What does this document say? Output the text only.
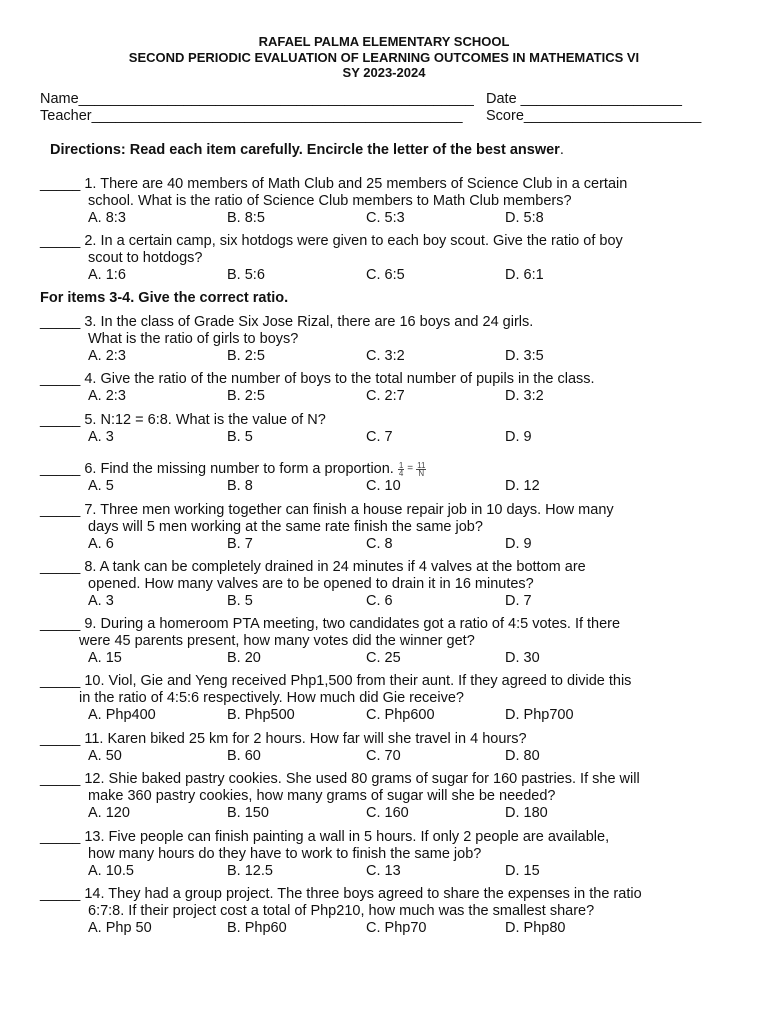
RAFAEL PALMA ELEMENTARY SCHOOL
SECOND PERIODIC EVALUATION OF LEARNING OUTCOMES IN MATHEMATICS VI
SY 2023-2024
Name_________________________________________________ Date ____________________
Teacher______________________________________________	Score______________________
Directions: Read each item carefully. Encircle the letter of the best answer.
For items 3-4. Give the correct ratio.
_____ 1. There are 40 members of Math Club and 25 members of Science Club in a certain
school. What is the ratio of Science Club members to Math Club members?
A. 8:3	B. 8:5	C. 5:3	D. 5:8
_____ 2. In a certain camp, six hotdogs were given to each boy scout. Give the ratio of boy
scout to hotdogs?
A. 1:6	B. 5:6	C. 6:5	D. 6:1
_____ 3. In the class of Grade Six Jose Rizal, there are 16 boys and 24 girls.
What is the ratio of girls to boys?
A. 2:3	B. 2:5	C. 3:2	D. 3:5
_____ 4. Give the ratio of the number of boys to the total number of pupils in the class.
A. 2:3	B. 2:5	C. 2:7	D. 3:2
_____ 5. N:12 = 6:8. What is the value of N?
A. 3	B. 5	C. 7	D. 9
_____ 6. Find the missing number to form a proportion. $\frac{1}{4} = \frac{11}{N}$
A. 5	B. 8	C. 10	D. 12
_____ 7. Three men working together can finish a house repair job in 10 days. How many
days will 5 men working at the same rate finish the same job?
A. 6	B. 7	C. 8	D. 9
_____ 8. A tank can be completely drained in 24 minutes if 4 valves at the bottom are
opened. How many valves are to be opened to drain it in 16 minutes?
A. 3	B. 5	C. 6	D. 7
_____ 9. During a homeroom PTA meeting, two candidates got a ratio of 4:5 votes. If there
were 45 parents present, how many votes did the winner get?
A. 15	B. 20	C. 25	D. 30
_____ 10. Viol, Gie and Yeng received Php1,500 from their aunt. If they agreed to divide this
in the ratio of 4:5:6 respectively. How much did Gie receive?
A. Php400	B. Php500	C. Php600	D. Php700
_____ 11. Karen biked 25 km for 2 hours. How far will she travel in 4 hours?
A. 50	B. 60	C. 70	D. 80
_____ 12. Shie baked pastry cookies. She used 80 grams of sugar for 160 pastries. If she will
make 360 pastry cookies, how many grams of sugar will she be needed?
A. 120	B. 150	C. 160	D. 180
_____ 13. Five people can finish painting a wall in 5 hours. If only 2 people are available,
how many hours do they have to work to finish the same job?
A. 10.5	B. 12.5	C. 13	D. 15
_____ 14. They had a group project. The three boys agreed to share the expenses in the ratio
6:7:8. If their project cost a total of Php210, how much was the smallest share?
A. Php 50	B. Php60	C. Php70	D. Php80
